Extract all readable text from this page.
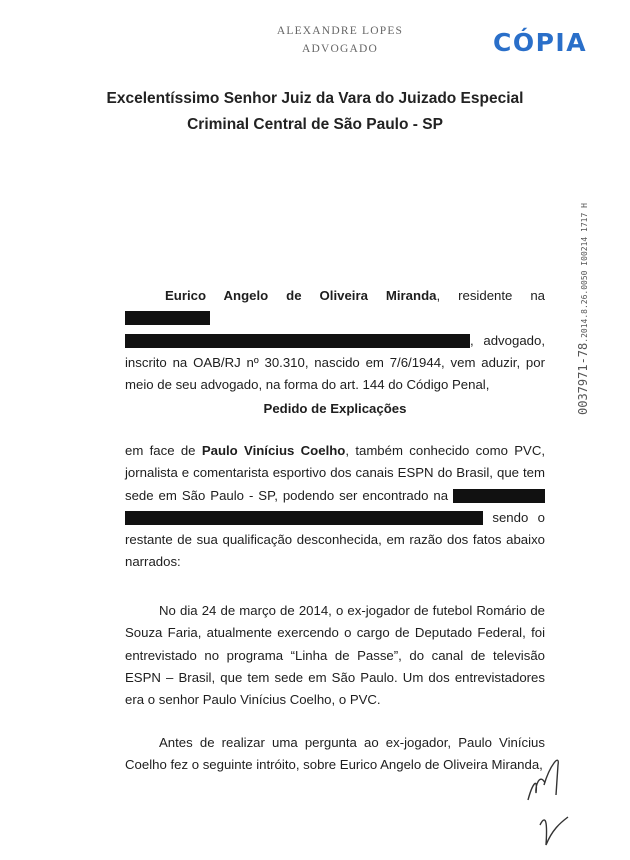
ALEXANDRE LOPES
ADVOGADO	CÓPIA
Excelentíssimo Senhor Juiz da Vara do Juizado Especial
Criminal Central de São Paulo - SP
0037971-78.2014.8.26.0050 I00214 1717 H
Eurico Angelo de Oliveira Miranda, residente na  , advogado, inscrito na OAB/RJ nº 30.310, nascido em 7/6/1944, vem aduzir, por meio de seu advogado, na forma do art. 144 do Código Penal,
Pedido de Explicações
em face de Paulo Vinícius Coelho, também conhecido como PVC, jornalista e comentarista esportivo dos canais ESPN do Brasil, que tem sede em São Paulo - SP, podendo ser encontrado na   sendo o restante de sua qualificação desconhecida, em razão dos fatos abaixo narrados:
No dia 24 de março de 2014, o ex-jogador de futebol Romário de Souza Faria, atualmente exercendo o cargo de Deputado Federal, foi entrevistado no programa “Linha de Passe”, do canal de televisão ESPN – Brasil, que tem sede em São Paulo. Um dos entrevistadores era o senhor Paulo Vinícius Coelho, o PVC.
Antes de realizar uma pergunta ao ex-jogador, Paulo Vinícius Coelho fez o seguinte intróito, sobre Eurico Angelo de Oliveira Miranda,
